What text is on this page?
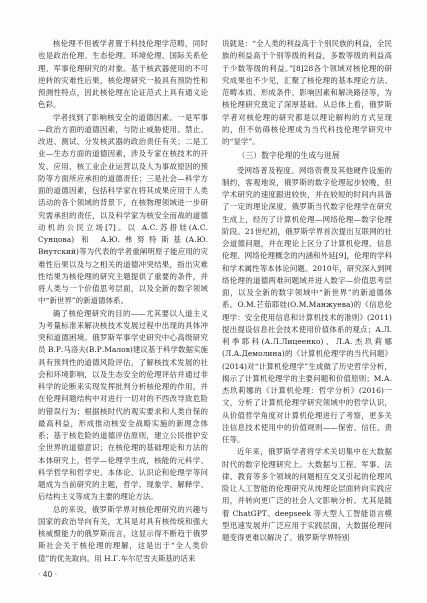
核伦理不但被学者置于科技伦理学范畴，同时也是政治伦理、生态伦理、环境伦理、国际关系伦理、军事伦理研究的对象。基于核武器使用的不可逆转的灾难性后果，核伦理研究一般具有预防性和预测性特点，因此核伦理在论证范式上具有通义论色彩。

学者找到了影响核安全的道德因素。一是军事—政治方面的道德因素，与防止威胁使用、禁止、改进、测试、分发核武器的政治责任有关；二是工业—生态方面的道德因素，涉及专家在核技术的开发、应用、核工业企业运营以及人为事故原因的预防等方面所应承担的道德责任；三是社会—科学方面的道德因素，包括科学家在将其成果应用于人类活动的各个领域的背景下，在核物理领域进一步研究需承担的责任，以及科学家为核安全而战的道德动机的公民立场[7]。以 А.С.苏措娃(А.С. Сунцова) 和 А.Ю.弗努特斯基(А.Ю. Внутский)等为代表的学者重阐明原子能应用的灾难性后果以及与之相关的道德冲突结果，指出灾难性结果为核伦理的研究主题提供了重要的条件，并将人类与一个价值思考层面，以及全新的数字领域中“新世界”的新道德体系。

确了核伦理研究的目的——尤其要以人道主义为考量标准来解决核技术发展过程中出现的具体冲突和道德困境。俄罗斯军事学史研究中心高级研究员 В.Р.马洛夫(В.Р.Малов)建议基于科学数据实施具有预判性的道德风险评估，了解核技术发展的社会和环境影响，以及生态安全的伦理评估并通过非科学的论断来实现发挥批判分析核伦理的作用，并在伦理问题结构中对进行一切对的不西改导致危险的错误行为；根据核时代的观实要求和人类自保的最高利益，形成推动核安全战略实施的新理念体系；基于核危险的道德评估原则，建立公民推护安全世界的道德意识；在核伦理的基础理论和方法的本体研究上，哲学—伦理学生成，核能的元科学、科学哲学和哲学史、本体论、认识论和伦理学等问题成为当前研究的主题，哲学、现象学、解释学、后结构主义等成为主要的理论方法。

总的来说，俄罗斯学界对核伦理研究的兴趣与国家的政治导向有关，尤其是对具有核传统和强大核威慑能力的俄罗斯而言，这显示得不断趋于俄罗斯社会关于核伦理的理解，这是出于“全人类价值”的优先取向。用 Н.Г.车尔尼雪夫斯基的话来

说就是：“全人类的利益高于个别民族的利益，全民族的利益高于个别等级的利益，多数等级的利益高于少数等级的利益。”[8]28各个领域对核伦理的研究成果也不少见，汇聚了核伦理的基本理论方法、范畴本质、形成条件、影响因素和解决路径等，为核伦理研究奠定了深厚基础。从总体上看，俄罗斯学者对核伦理的研究都是以理论解构的方式呈现的，但不妨碍核伦理成为当代科技伦理学研究中的“显学”。

（三）数字伦理的生成与进展

受网络普及程度、网络资费及其他硬件设施的制约，客观地说，俄罗斯的数字伦理起步较晚，但学术研究的速度跟进较快，并在较短的时间内具备了一定的理论深度，俄罗斯当代数字伦理学在研究生成上，经历了计算机伦理—网络伦理—数字伦理阶段。21世纪初，俄罗斯学界首次提出互联网的社会道德问题，并在理论上区分了计算机伦理、信息伦理、网络伦理概念的内涵和外延[9]，伦理的学科和学术属性等本体论问题。2010年，研究深入到网络伦理的道德两难问题域并进入数字—价值思考层面，以及全新的数字领域中“新世界”的新道德体系。О.М.芒茹耶娃(О.М.Манжуева)的《信息伦理学：安全使用信息和计算机技术的准则》(2011)提出提设信息社会技术使用价值体系的观点；А.Л.利季耶科(А.Л.Лицеенко)、Л.А.杰玖莉娜(Л.А.Демолина)的《计算机伦理学的当代问题》(2014)对“计算机伦理学”生成做了历史哲学分析，揭示了计算机伦理学的主要问题和价值原则；М.А.杰玖莉娜的《计算机伦理：哲学分析》(2016)一文，分析了计算机伦理学研究领域中的哲学认识，从价值哲学角度对计算机伦理进行了考察，更多关注信息技术使用中的价值规则——保密、信任、责任等。

近年来，俄罗斯学者将学术关切集中在大数据时代的数字伦理研究上。大数据与工程、军事、法律、教育等多个领域的问题相互交叉引起的伦理风险让人工智能的伦理研究从纯理论层面转向实践应用，并转向更广泛的社会人文影响分析。尤其是随着 ChatGPT、deepseek 等大型人工智能语言模型迅速发展并广泛应用于实践层面，大数据伦理问题变得更难以解决了。俄罗斯学界特别

· 40 ·
